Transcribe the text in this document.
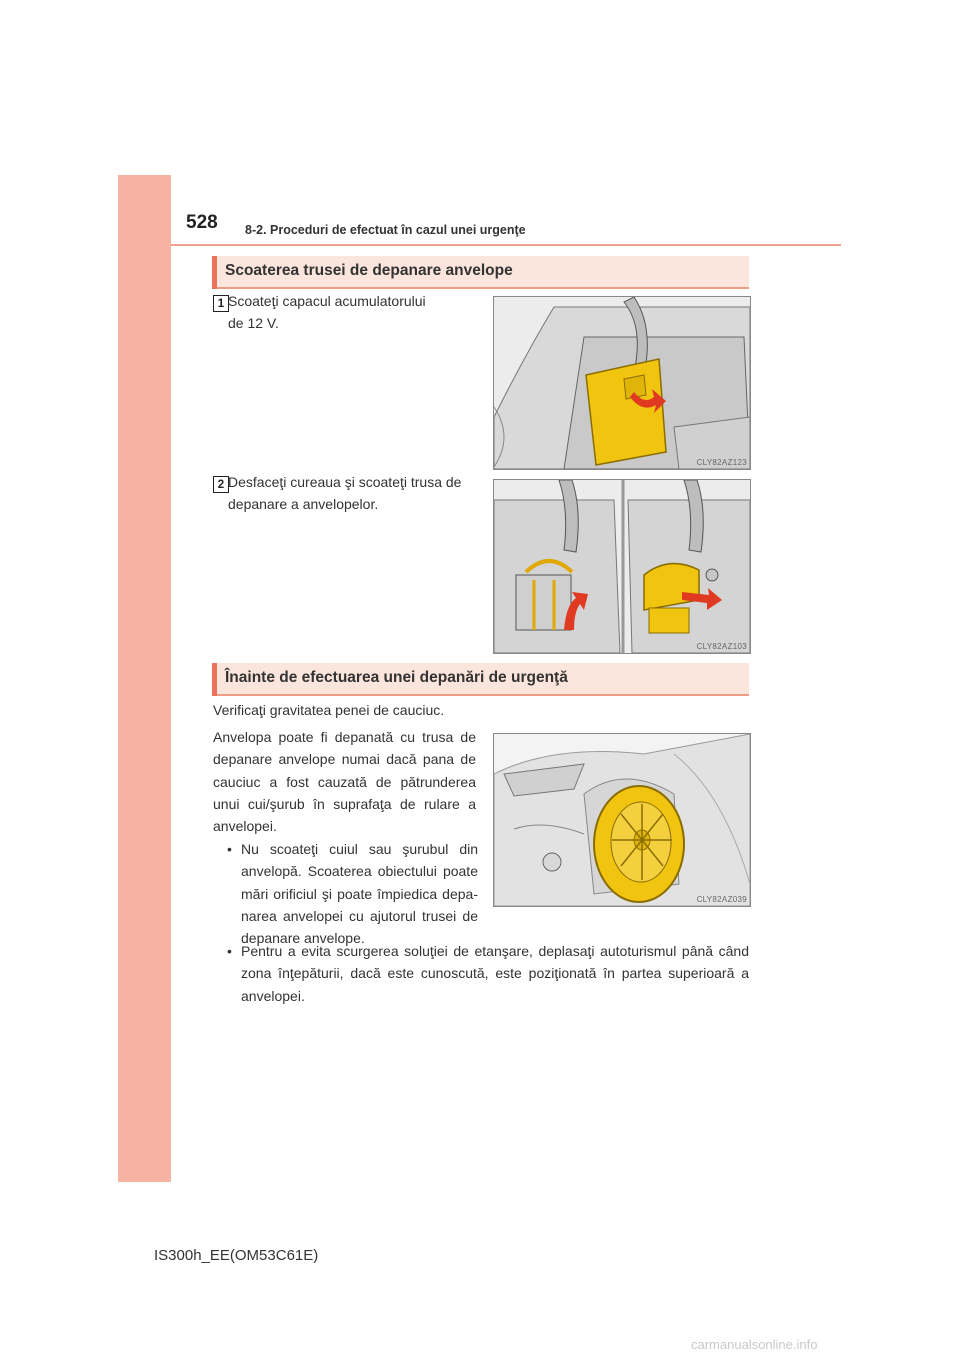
528 8-2. Proceduri de efectuat în cazul unei urgenţe
Scoaterea trusei de depanare anvelope
1 Scoateţi capacul acumulatorului
de 12 V.
CLY82AZ123
2 Desfaceţi cureaua şi scoateţi trusa de
depanare a anvelopelor.
CLY82AZ103
Înainte de efectuarea unei depanări de urgenţă
Verificaţi gravitatea penei de cauciuc.
Anvelopa poate fi depanată cu trusa de
depanare anvelope numai dacă pana de
cauciuc a fost cauzată de pătrunderea
unui cui/şurub în suprafaţa de rulare a
anvelopei.
• Nu scoateţi cuiul sau şurubul din
anvelopă. Scoaterea obiectului poate
mări orificiul şi poate împiedica depa-
narea anvelopei cu ajutorul trusei de
depanare anvelope.
CLY82AZ039
• Pentru a evita scurgerea soluţiei de etanşare, deplasaţi autoturismul până când
zona înţepăturii, dacă este cunoscută, este poziţionată în partea superioară a
anvelopei.
IS300h_EE(OM53C61E)
carmanualsonline.info
